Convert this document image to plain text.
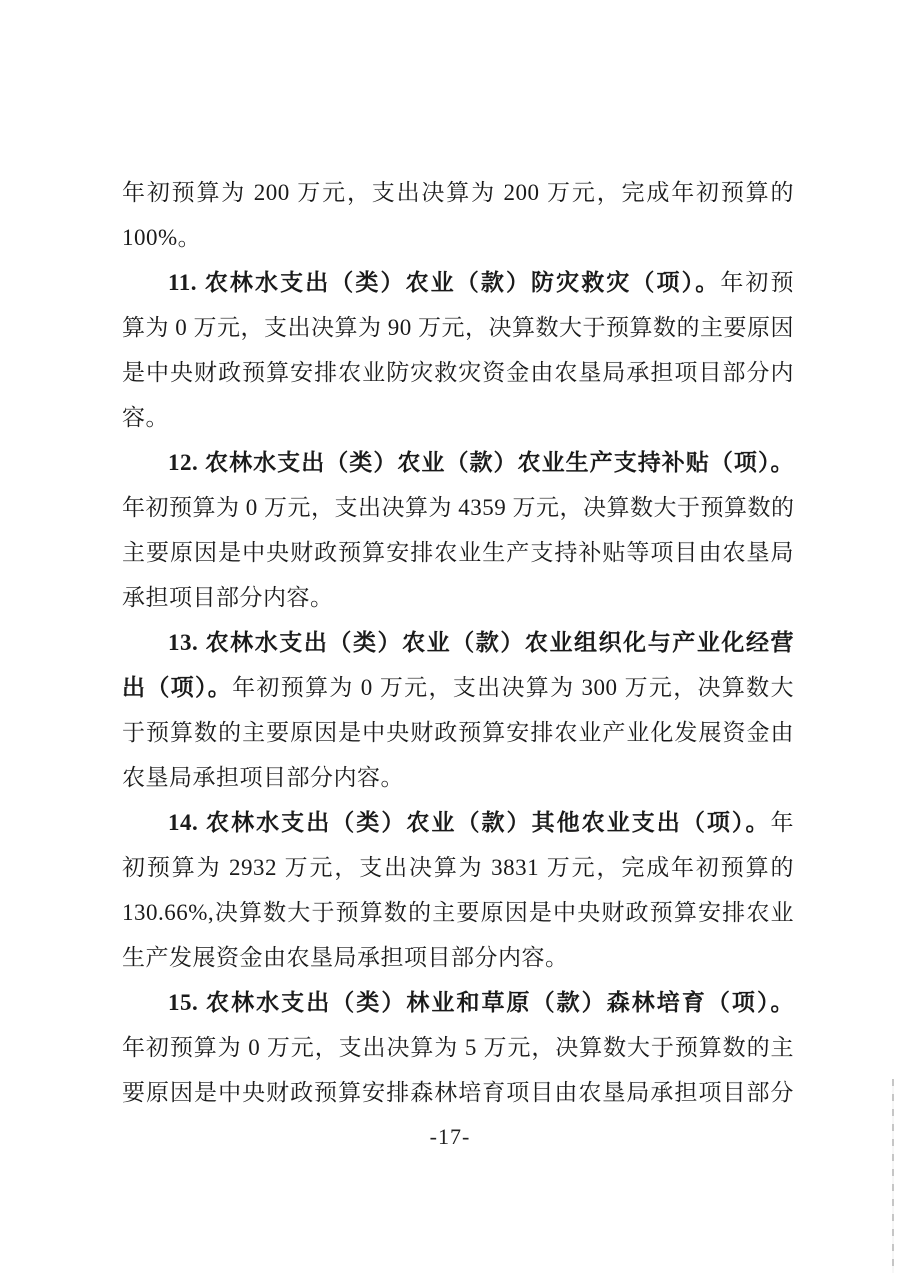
年初预算为 200 万元，支出决算为 200 万元，完成年初预算的
100%。
11. 农林水支出（类）农业（款）防灾救灾（项）。年初预
算为 0 万元，支出决算为 90 万元，决算数大于预算数的主要原因
是中央财政预算安排农业防灾救灾资金由农垦局承担项目部分内
容。
12. 农林水支出（类）农业（款）农业生产支持补贴（项）。
年初预算为 0 万元，支出决算为 4359 万元，决算数大于预算数的
主要原因是中央财政预算安排农业生产支持补贴等项目由农垦局
承担项目部分内容。
13. 农林水支出（类）农业（款）农业组织化与产业化经营
出（项）。年初预算为 0 万元，支出决算为 300 万元，决算数大
于预算数的主要原因是中央财政预算安排农业产业化发展资金由
农垦局承担项目部分内容。
14. 农林水支出（类）农业（款）其他农业支出（项）。年
初预算为 2932 万元，支出决算为 3831 万元，完成年初预算的
130.66%,决算数大于预算数的主要原因是中央财政预算安排农业
生产发展资金由农垦局承担项目部分内容。
15. 农林水支出（类）林业和草原（款）森林培育（项）。
年初预算为 0 万元，支出决算为 5 万元，决算数大于预算数的主
要原因是中央财政预算安排森林培育项目由农垦局承担项目部分
-17-
